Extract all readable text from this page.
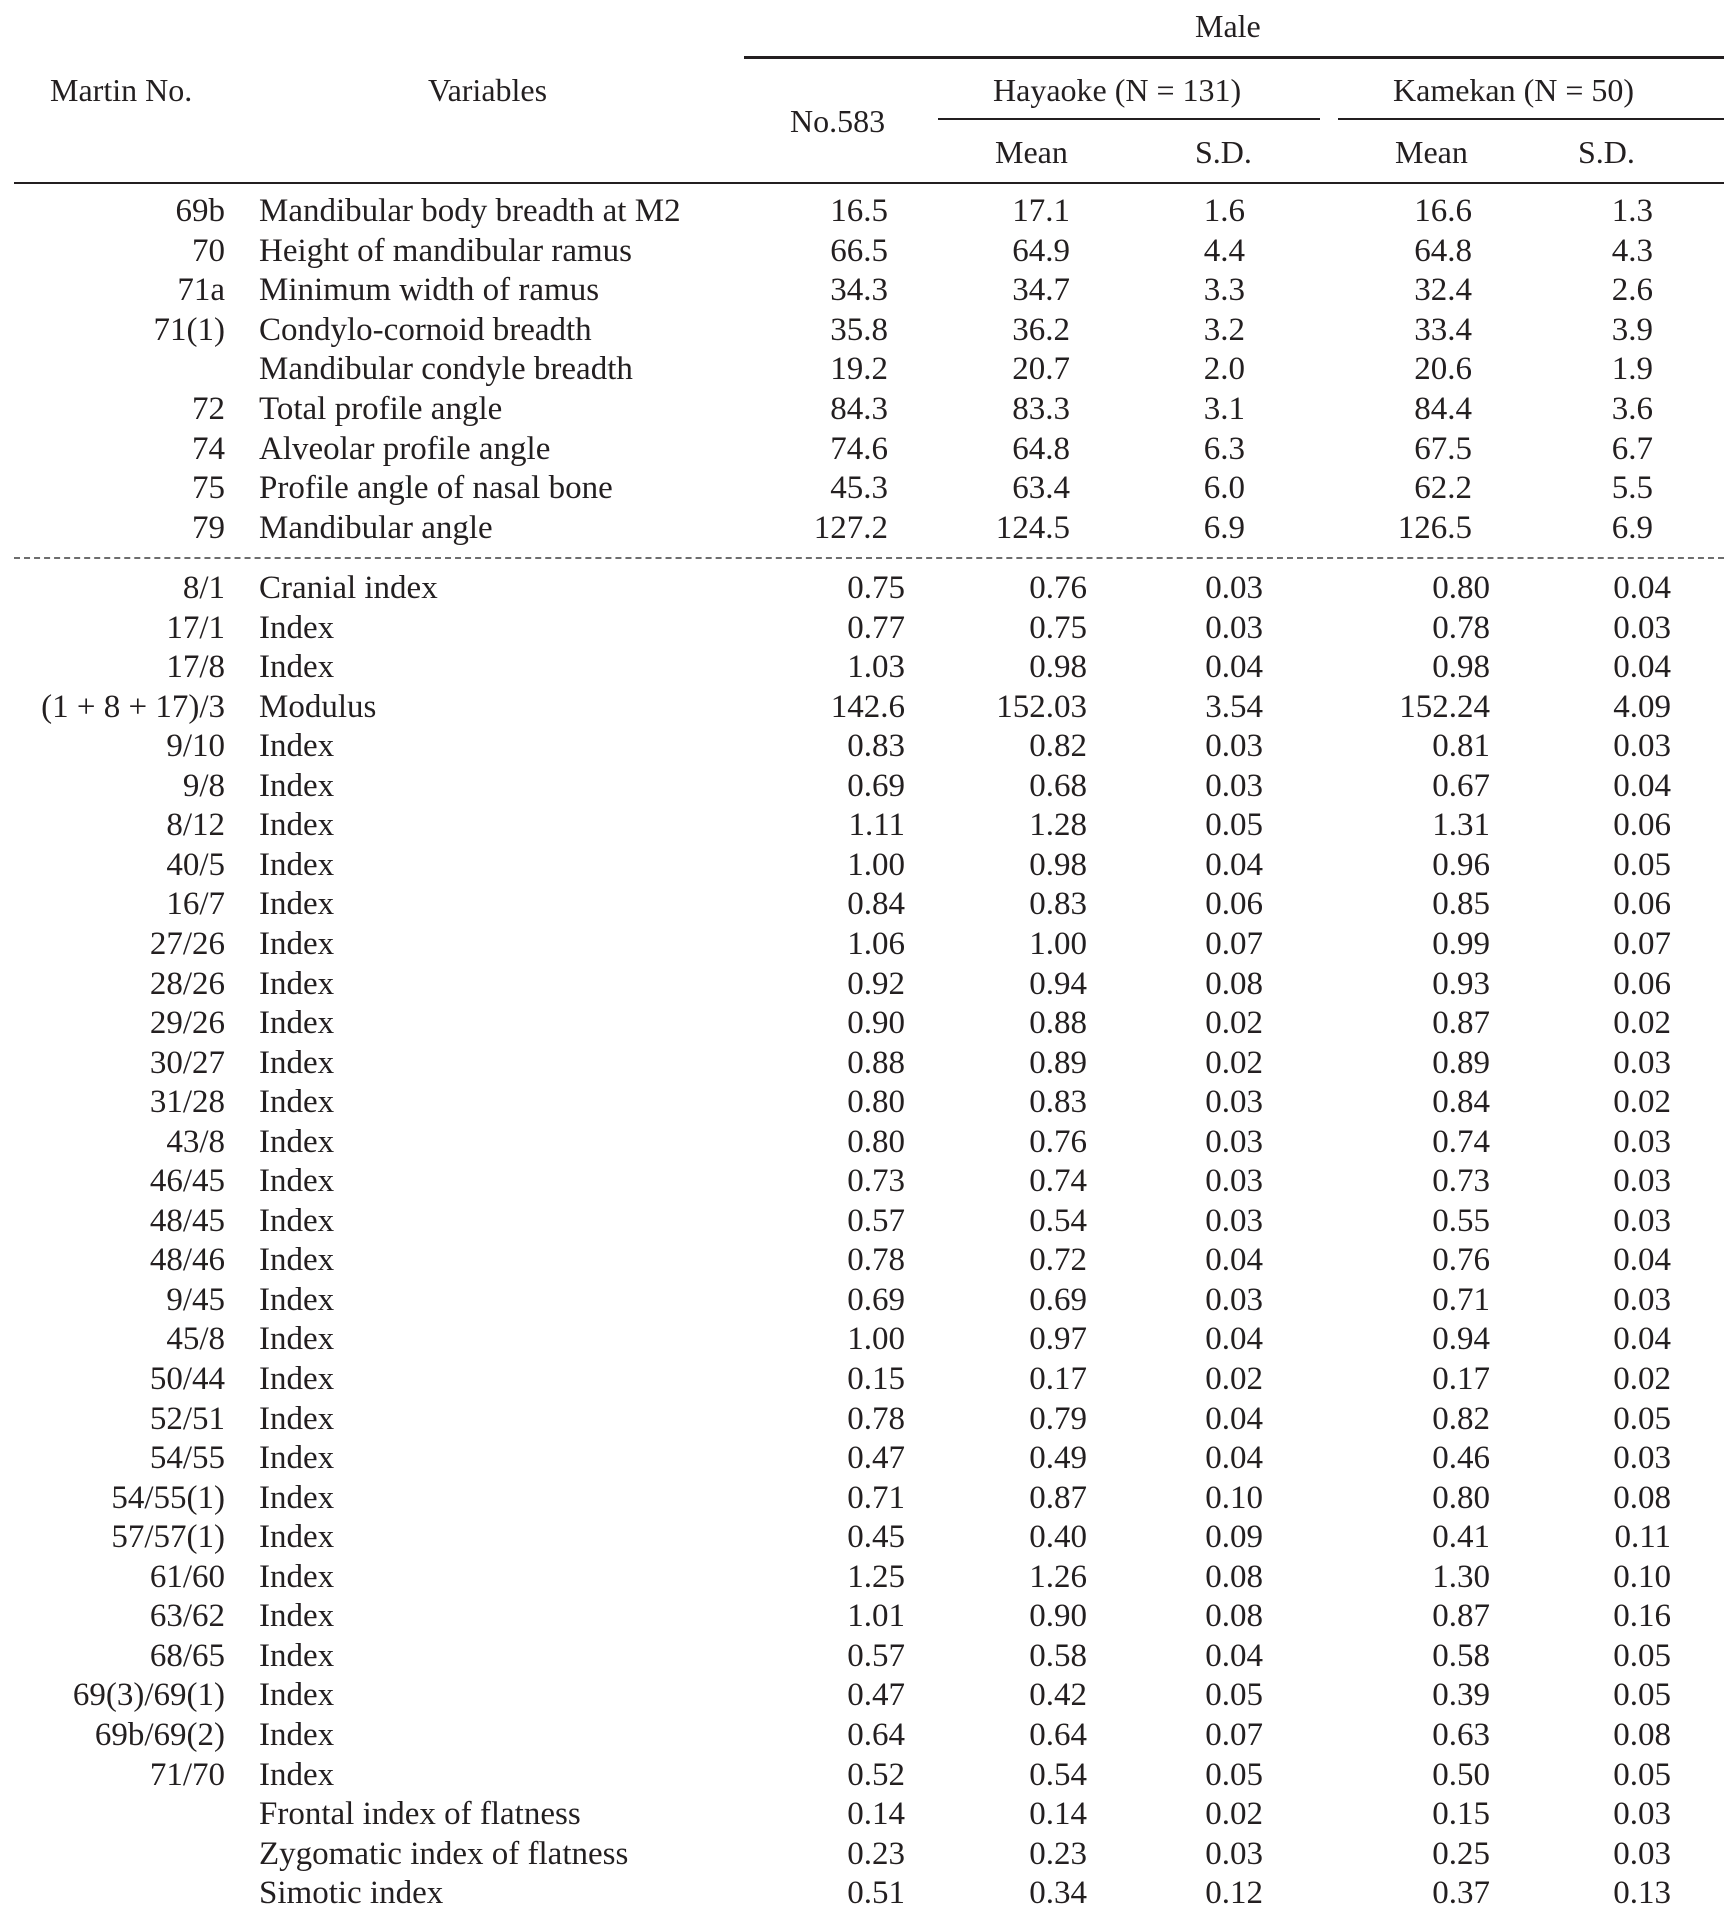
Male
Martin No.	Variables
No.583
Hayaoke (N = 131)	Kamekan (N = 50)
Mean	S.D.	Mean	S.D.
69b Mandibular body breadth at M2	16.5	17.1	1.6	16.6	1.3
70 Height of mandibular ramus	66.5	64.9	4.4	64.8	4.3
71a Minimum width of ramus	34.3	34.7	3.3	32.4	2.6
71(1) Condylo-cornoid breadth	35.8	36.2	3.2	33.4	3.9
Mandibular condyle breadth	19.2	20.7	2.0	20.6	1.9
72 Total profile angle	84.3	83.3	3.1	84.4	3.6
74 Alveolar profile angle	74.6	64.8	6.3	67.5	6.7
75 Profile angle of nasal bone	45.3	63.4	6.0	62.2	5.5
79 Mandibular angle	127.2	124.5	6.9	126.5	6.9
8/1 Cranial index	0.75	0.76	0.03	0.80	0.04
17/1 Index	0.77	0.75	0.03	0.78	0.03
17/8 Index	1.03	0.98	0.04	0.98	0.04
(1 + 8 + 17)/3 Modulus	142.6	152.03	3.54	152.24	4.09
9/10 Index	0.83	0.82	0.03	0.81	0.03
9/8 Index	0.69	0.68	0.03	0.67	0.04
8/12 Index	1.11	1.28	0.05	1.31	0.06
40/5 Index	1.00	0.98	0.04	0.96	0.05
16/7 Index	0.84	0.83	0.06	0.85	0.06
27/26 Index	1.06	1.00	0.07	0.99	0.07
28/26 Index	0.92	0.94	0.08	0.93	0.06
29/26 Index	0.90	0.88	0.02	0.87	0.02
30/27 Index	0.88	0.89	0.02	0.89	0.03
31/28 Index	0.80	0.83	0.03	0.84	0.02
43/8 Index	0.80	0.76	0.03	0.74	0.03
46/45 Index	0.73	0.74	0.03	0.73	0.03
48/45 Index	0.57	0.54	0.03	0.55	0.03
48/46 Index	0.78	0.72	0.04	0.76	0.04
9/45 Index	0.69	0.69	0.03	0.71	0.03
45/8 Index	1.00	0.97	0.04	0.94	0.04
50/44 Index	0.15	0.17	0.02	0.17	0.02
52/51 Index	0.78	0.79	0.04	0.82	0.05
54/55 Index	0.47	0.49	0.04	0.46	0.03
54/55(1) Index	0.71	0.87	0.10	0.80	0.08
57/57(1) Index	0.45	0.40	0.09	0.41	0.11
61/60 Index	1.25	1.26	0.08	1.30	0.10
63/62 Index	1.01	0.90	0.08	0.87	0.16
68/65 Index	0.57	0.58	0.04	0.58	0.05
69(3)/69(1) Index	0.47	0.42	0.05	0.39	0.05
69b/69(2) Index	0.64	0.64	0.07	0.63	0.08
71/70 Index	0.52	0.54	0.05	0.50	0.05
Frontal index of flatness	0.14	0.14	0.02	0.15	0.03
Zygomatic index of flatness	0.23	0.23	0.03	0.25	0.03
Simotic index	0.51	0.34	0.12	0.37	0.13
